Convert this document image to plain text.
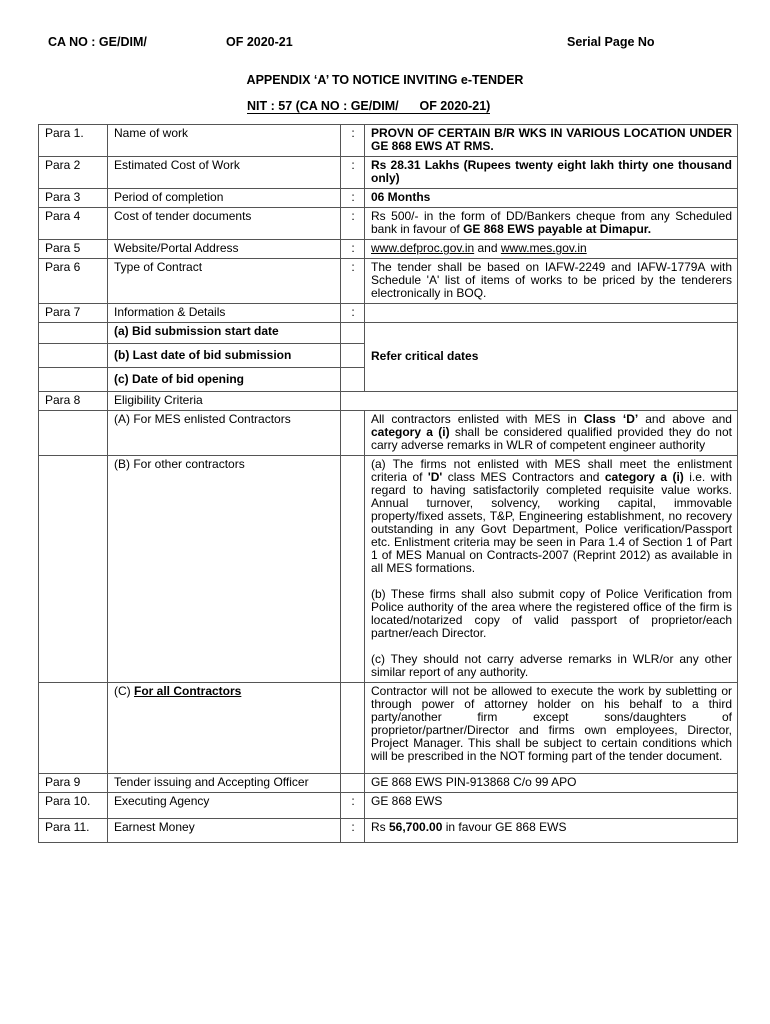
CA NO : GE/DIM/	OF 2020-21	Serial Page No
APPENDIX ‘A’ TO NOTICE INVITING e-TENDER
NIT : 57 (CA NO : GE/DIM/ OF 2020-21)
Para 1.	Name of work	:	PROVN OF CERTAIN B/R WKS IN VARIOUS LOCATION UNDER GE 868 EWS AT RMS.
Para 2	Estimated Cost of Work	:	Rs 28.31 Lakhs (Rupees twenty eight lakh thirty one thousand only)
Para 3	Period of completion	:	06 Months
Para 4	Cost of tender documents	:	Rs 500/- in the form of DD/Bankers cheque from any Scheduled bank in favour of GE 868 EWS payable at Dimapur.
Para 5	Website/Portal Address	:	www.defproc.gov.in and www.mes.gov.in
Para 6	Type of Contract	:	The tender shall be based on IAFW-2249 and IAFW-1779A with Schedule 'A' list of items of works to be priced by the tenderers electronically in BOQ.
Para 7	Information & Details	:	
	(a) Bid submission start date		Refer critical dates
	(b) Last date of bid submission		
	(c) Date of bid opening		
Para 8	Eligibility Criteria		
	(A) For MES enlisted Contractors		All contractors enlisted with MES in Class ‘D’ and above and category a (i) shall be considered qualified provided they do not carry adverse remarks in WLR of competent engineer authority
	(B) For other contractors		(a) The firms not enlisted with MES shall meet the enlistment criteria of 'D' class MES Contractors and category a (i) i.e. with regard to having satisfactorily completed requisite value works. Annual turnover, solvency, working capital, immovable property/fixed assets, T&P, Engineering establishment, no recovery outstanding in any Govt Department, Police verification/Passport etc. Enlistment criteria may be seen in Para 1.4 of Section 1 of Part 1 of MES Manual on Contracts-2007 (Reprint 2012) as available in all MES formations.
(b) These firms shall also submit copy of Police Verification from Police authority of the area where the registered office of the firm is located/notarized copy of valid passport of proprietor/each partner/each Director.
(c) They should not carry adverse remarks in WLR/or any other similar report of any authority.

	(C) For all Contractors		Contractor will not be allowed to execute the work by subletting or through power of attorney holder on his behalf to a third party/another firm except sons/daughters of proprietor/partner/Director and firms own employees, Director, Project Manager. This shall be subject to certain conditions which will be prescribed in the NOT forming part of the tender document.
Para 9	Tender issuing and Accepting Officer		GE 868 EWS PIN-913868 C/o 99 APO
Para 10.	Executing Agency	:	GE 868 EWS
Para 11.	Earnest Money	:	Rs 56,700.00 in favour GE 868 EWS
